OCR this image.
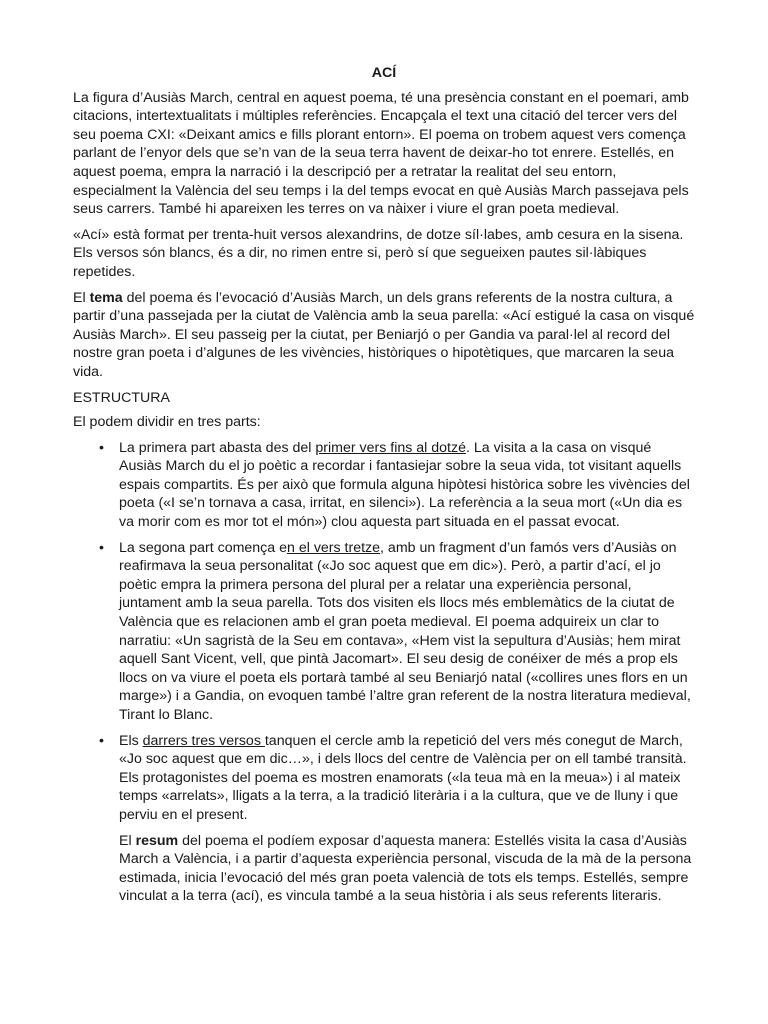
ACÍ

La figura d’Ausiàs March, central en aquest poema, té una presència constant en el poemari, amb citacions, intertextualitats i múltiples referències. Encapçala el text una citació del tercer vers del seu poema CXI: «Deixant amics e fills plorant entorn». El poema on trobem aquest vers comença parlant de l’enyor dels que se’n van de la seua terra havent de deixar-ho tot enrere. Estellés, en aquest poema, empra la narració i la descripció per a retratar la realitat del seu entorn, especialment la València del seu temps i la del temps evocat en què Ausiàs March passejava pels seus carrers. També hi apareixen les terres on va nàixer i viure el gran poeta medieval.

«Ací» està format per trenta-huit versos alexandrins, de dotze síl·labes, amb cesura en la sisena. Els versos són blancs, és a dir, no rimen entre si, però sí que segueixen pautes sil·làbiques repetides.

El tema del poema és l’evocació d’Ausiàs March, un dels grans referents de la nostra cultura, a partir d’una passejada per la ciutat de València amb la seua parella: «Ací estigué la casa on visqué Ausiàs March». El seu passeig per la ciutat, per Beniarjó o per Gandia va paral·lel al record del nostre gran poeta i d’algunes de les vivències, històriques o hipotètiques, que marcaren la seua vida.

ESTRUCTURA

El podem dividir en tres parts:

• La primera part abasta des del primer vers fins al dotzé. La visita a la casa on visqué Ausiàs March du el jo poètic a recordar i fantasiejar sobre la seua vida, tot visitant aquells espais compartits. És per això que formula alguna hipòtesi històrica sobre les vivències del poeta («I se’n tornava a casa, irritat, en silenci»). La referència a la seua mort («Un dia es va morir com es mor tot el món») clou aquesta part situada en el passat evocat.
• La segona part comença en el vers tretze, amb un fragment d’un famós vers d’Ausiàs on reafirmava la seua personalitat («Jo soc aquest que em dic»). Però, a partir d’ací, el jo poètic empra la primera persona del plural per a relatar una experiència personal, juntament amb la seua parella. Tots dos visiten els llocs més emblemàtics de la ciutat de València que es relacionen amb el gran poeta medieval. El poema adquireix un clar to narratiu: «Un sagristà de la Seu em contava», «Hem vist la sepultura d’Ausiàs; hem mirat aquell Sant Vicent, vell, que pintà Jacomart». El seu desig de conéixer de més a prop els llocs on va viure el poeta els portarà també al seu Beniarjó natal («collires unes flors en un marge») i a Gandia, on evoquen també l’altre gran referent de la nostra literatura medieval, Tirant lo Blanc.
• Els darrers tres versos tanquen el cercle amb la repetició del vers més conegut de March, «Jo soc aquest que em dic…», i dels llocs del centre de València per on ell també transità. Els protagonistes del poema es mostren enamorats («la teua mà en la meua») i al mateix temps «arrelats», lligats a la terra, a la tradició literària i a la cultura, que ve de lluny i que perviu en el present.

El resum del poema el podíem exposar d’aquesta manera: Estellés visita la casa d’Ausiàs March a València, i a partir d’aquesta experiència personal, viscuda de la mà de la persona estimada, inicia l’evocació del més gran poeta valencià de tots els temps. Estellés, sempre vinculat a la terra (ací), es vincula també a la seua història i als seus referents literaris.
